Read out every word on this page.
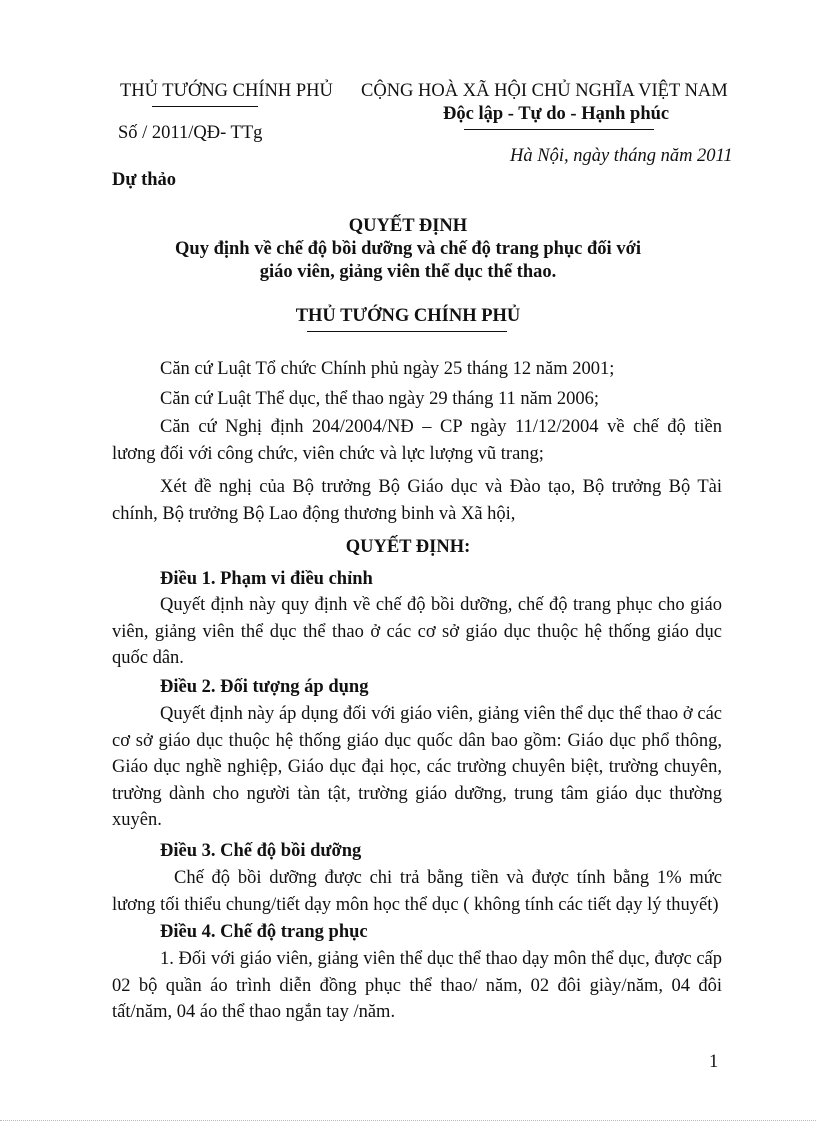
THỦ TƯỚNG CHÍNH PHỦ
Số / 2011/QĐ- TTg
CỘNG HOÀ XÃ HỘI CHỦ NGHĨA VIỆT NAM
Độc lập - Tự do - Hạnh phúc
Hà Nội, ngày tháng năm 2011
Dự thảo
QUYẾT ĐỊNH
Quy định về chế độ bồi dưỡng và chế độ trang phục đối với
giáo viên, giảng viên thể dục thể thao.
THỦ TƯỚNG CHÍNH PHỦ
Căn cứ Luật Tổ chức Chính phủ ngày 25 tháng 12 năm 2001;
Căn cứ Luật Thể dục, thể thao ngày 29 tháng 11 năm 2006;
Căn cứ Nghị định 204/2004/NĐ – CP ngày 11/12/2004 về chế độ tiền lương đối với công chức, viên chức và lực lượng vũ trang;
Xét đề nghị của Bộ trưởng Bộ Giáo dục và Đào tạo, Bộ trưởng Bộ Tài chính, Bộ trưởng Bộ Lao động thương binh và Xã hội,
QUYẾT ĐỊNH:
Điều 1. Phạm vi điều chỉnh
Quyết định này quy định về chế độ bồi dưỡng, chế độ trang phục cho giáo viên, giảng viên thể dục thể thao ở các cơ sở giáo dục thuộc hệ thống giáo dục quốc dân.
Điều 2. Đối tượng áp dụng
Quyết định này áp dụng đối với giáo viên, giảng viên thể dục thể thao ở các cơ sở giáo dục thuộc hệ thống giáo dục quốc dân bao gồm: Giáo dục phổ thông, Giáo dục nghề nghiệp, Giáo dục đại học, các trường chuyên biệt, trường chuyên, trường dành cho người tàn tật, trường giáo dưỡng, trung tâm giáo dục thường xuyên.
Điều 3. Chế độ bồi dưỡng
Chế độ bồi dưỡng được chi trả bằng tiền và được tính bằng 1% mức lương tối thiểu chung/tiết dạy môn học thể dục ( không tính các tiết dạy lý thuyết)
Điều 4. Chế độ trang phục
1. Đối với giáo viên, giảng viên thể dục thể thao dạy môn thể dục, được cấp 02 bộ quần áo trình diễn đồng phục thể thao/ năm, 02 đôi giày/năm, 04 đôi tất/năm, 04 áo thể thao ngắn tay /năm.
1
